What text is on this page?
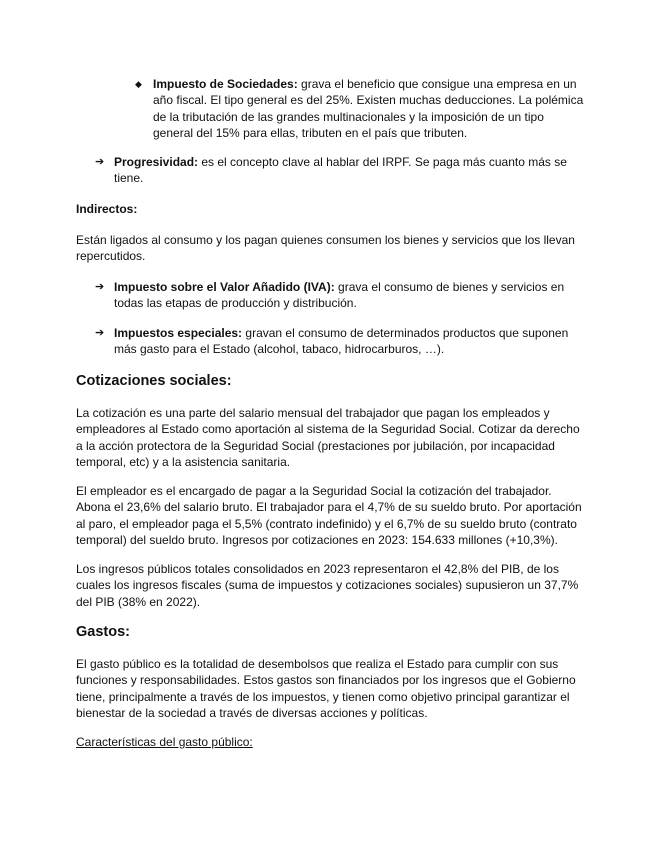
◆ Impuesto de Sociedades: grava el beneficio que consigue una empresa en un año fiscal. El tipo general es del 25%. Existen muchas deducciones. La polémica de la tributación de las grandes multinacionales y la imposición de un tipo general del 15% para ellas, tributen en el país que tributen.

➔ Progresividad: es el concepto clave al hablar del IRPF. Se paga más cuanto más se tiene.

Indirectos:

Están ligados al consumo y los pagan quienes consumen los bienes y servicios que los llevan repercutidos.

➔ Impuesto sobre el Valor Añadido (IVA): grava el consumo de bienes y servicios en todas las etapas de producción y distribución.

➔ Impuestos especiales: gravan el consumo de determinados productos que suponen más gasto para el Estado (alcohol, tabaco, hidrocarburos, …).

Cotizaciones sociales:

La cotización es una parte del salario mensual del trabajador que pagan los empleados y empleadores al Estado como aportación al sistema de la Seguridad Social. Cotizar da derecho a la acción protectora de la Seguridad Social (prestaciones por jubilación, por incapacidad temporal, etc) y a la asistencia sanitaria.

El empleador es el encargado de pagar a la Seguridad Social la cotización del trabajador. Abona el 23,6% del salario bruto. El trabajador para el 4,7% de su sueldo bruto. Por aportación al paro, el empleador paga el 5,5% (contrato indefinido) y el 6,7% de su sueldo bruto (contrato temporal) del sueldo bruto. Ingresos por cotizaciones en 2023: 154.633 millones (+10,3%).

Los ingresos públicos totales consolidados en 2023 representaron el 42,8% del PIB, de los cuales los ingresos fiscales (suma de impuestos y cotizaciones sociales) supusieron un 37,7% del PIB (38% en 2022).

Gastos:

El gasto público es la totalidad de desembolsos que realiza el Estado para cumplir con sus funciones y responsabilidades. Estos gastos son financiados por los ingresos que el Gobierno tiene, principalmente a través de los impuestos, y tienen como objetivo principal garantizar el bienestar de la sociedad a través de diversas acciones y políticas.

Características del gasto público:
